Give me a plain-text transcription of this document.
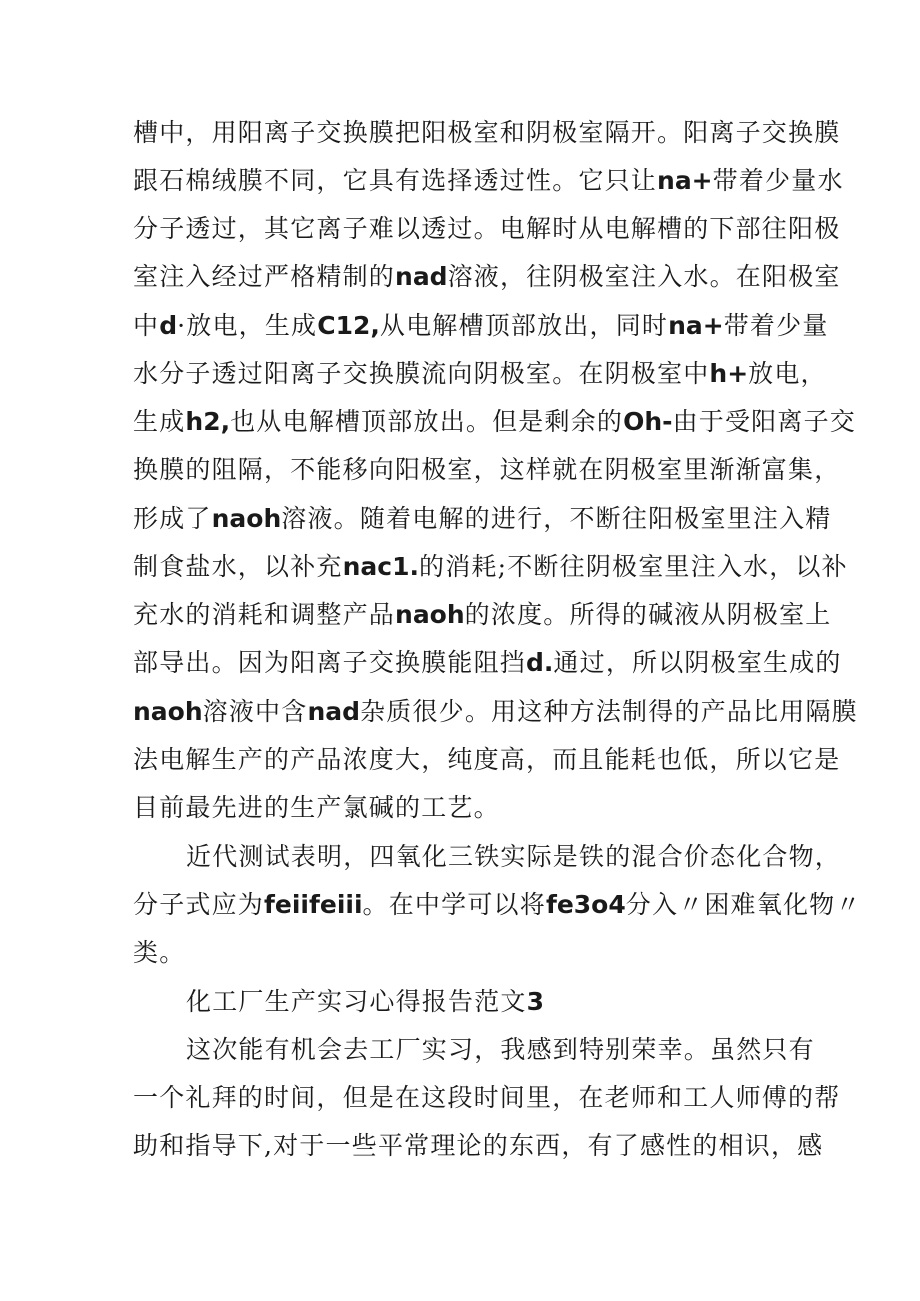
槽中，用阳离子交换膜把阳极室和阴极室隔开。阳离子交换膜
跟石棉绒膜不同，它具有选择透过性。它只让na+带着少量水
分子透过，其它离子难以透过。电解时从电解槽的下部往阳极
室注入经过严格精制的nad溶液，往阴极室注入水。在阳极室
中d·放电，生成C12,从电解槽顶部放出，同时na+带着少量
水分子透过阳离子交换膜流向阴极室。在阴极室中h+放电，
生成h2,也从电解槽顶部放出。但是剩余的Oh-由于受阳离子交
换膜的阻隔，不能移向阳极室，这样就在阴极室里渐渐富集，
形成了naoh溶液。随着电解的进行，不断往阳极室里注入精
制食盐水，以补充nac1.的消耗;不断往阴极室里注入水，以补
充水的消耗和调整产品naoh的浓度。所得的碱液从阴极室上
部导出。因为阳离子交换膜能阻挡d.通过，所以阴极室生成的
naoh溶液中含nad杂质很少。用这种方法制得的产品比用隔膜
法电解生产的产品浓度大，纯度高，而且能耗也低，所以它是
目前最先进的生产氯碱的工艺。
近代测试表明，四氧化三铁实际是铁的混合价态化合物，
分子式应为feiifeiii。在中学可以将fe3o4分入〃困难氧化物〃
类。
化工厂生产实习心得报告范文3
这次能有机会去工厂实习，我感到特别荣幸。虽然只有
一个礼拜的时间，但是在这段时间里，在老师和工人师傅的帮
助和指导下,对于一些平常理论的东西，有了感性的相识，感
